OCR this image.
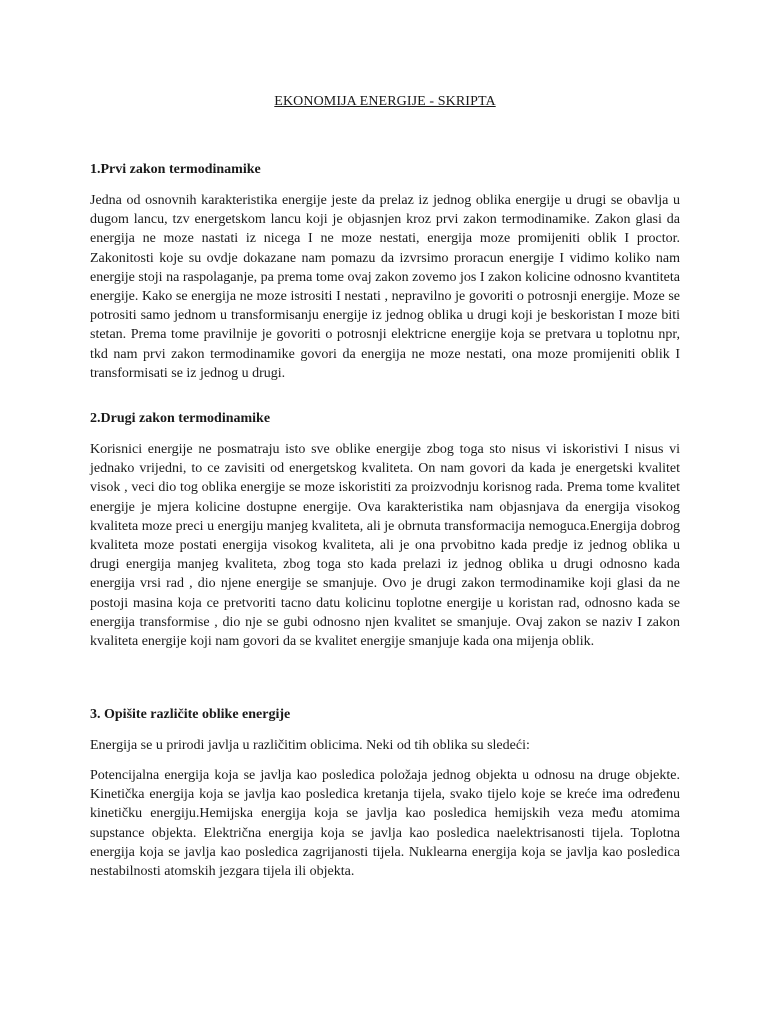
EKONOMIJA ENERGIJE - SKRIPTA
1.Prvi zakon termodinamike

Jedna od osnovnih karakteristika energije jeste da prelaz iz jednog oblika energije u drugi se obavlja u dugom lancu, tzv energetskom lancu koji je objasnjen kroz prvi zakon termodinamike. Zakon glasi da energija ne moze nastati iz nicega I ne moze nestati, energija moze promijeniti oblik I proctor. Zakonitosti koje su ovdje dokazane nam pomazu da izvrsimo proracun energije I vidimo koliko nam energije stoji na raspolaganje, pa prema tome ovaj zakon zovemo jos I zakon kolicine odnosno kvantiteta energije. Kako se energija ne moze istrositi I nestati , nepravilno je govoriti o potrosnji energije. Moze se potrositi samo jednom u transformisanju energije iz jednog oblika u drugi koji je beskoristan I moze biti stetan. Prema tome pravilnije je govoriti o potrosnji elektricne energije koja se pretvara u toplotnu npr, tkd nam prvi zakon termodinamike govori da energija ne moze nestati, ona moze promijeniti oblik I transformisati se iz jednog u drugi.

2.Drugi zakon termodinamike

Korisnici energije ne posmatraju isto sve oblike energije zbog toga sto nisus vi iskoristivi I nisus vi jednako vrijedni, to ce zavisiti od energetskog kvaliteta. On nam govori da kada je energetski kvalitet visok , veci dio tog oblika energije se moze iskoristiti za proizvodnju korisnog rada. Prema tome kvalitet energije je mjera kolicine dostupne energije. Ova karakteristika nam objasnjava da energija visokog kvaliteta moze preci u energiju manjeg kvaliteta, ali je obrnuta transformacija nemoguca.Energija dobrog kvaliteta moze postati energija visokog kvaliteta, ali je ona prvobitno kada predje iz jednog oblika u drugi energija manjeg kvaliteta, zbog toga sto kada prelazi iz jednog oblika u drugi odnosno kada energija vrsi rad , dio njene energije se smanjuje. Ovo je drugi zakon termodinamike koji glasi da ne postoji masina koja ce pretvoriti tacno datu kolicinu toplotne energije u koristan rad, odnosno kada se energija transformise , dio nje se gubi odnosno njen kvalitet se smanjuje. Ovaj zakon se naziv I zakon kvaliteta energije koji nam govori da se kvalitet energije smanjuje kada ona mijenja oblik.

3. Opišite različite oblike energije

Energija se u prirodi javlja u različitim oblicima. Neki od tih oblika su sledeći:

Potencijalna energija koja se javlja kao posledica položaja jednog objekta u odnosu na druge objekte. Kinetička energija koja se javlja kao posledica kretanja tijela, svako tijelo koje se kreće ima određenu kinetičku energiju.Hemijska energija koja se javlja kao posledica hemijskih veza među atomima supstance objekta. Električna energija koja se javlja kao posledica naelektrisanosti tijela. Toplotna energija koja se javlja kao posledica zagrijanosti tijela. Nuklearna energija koja se javlja kao posledica nestabilnosti atomskih jezgara tijela ili objekta.
